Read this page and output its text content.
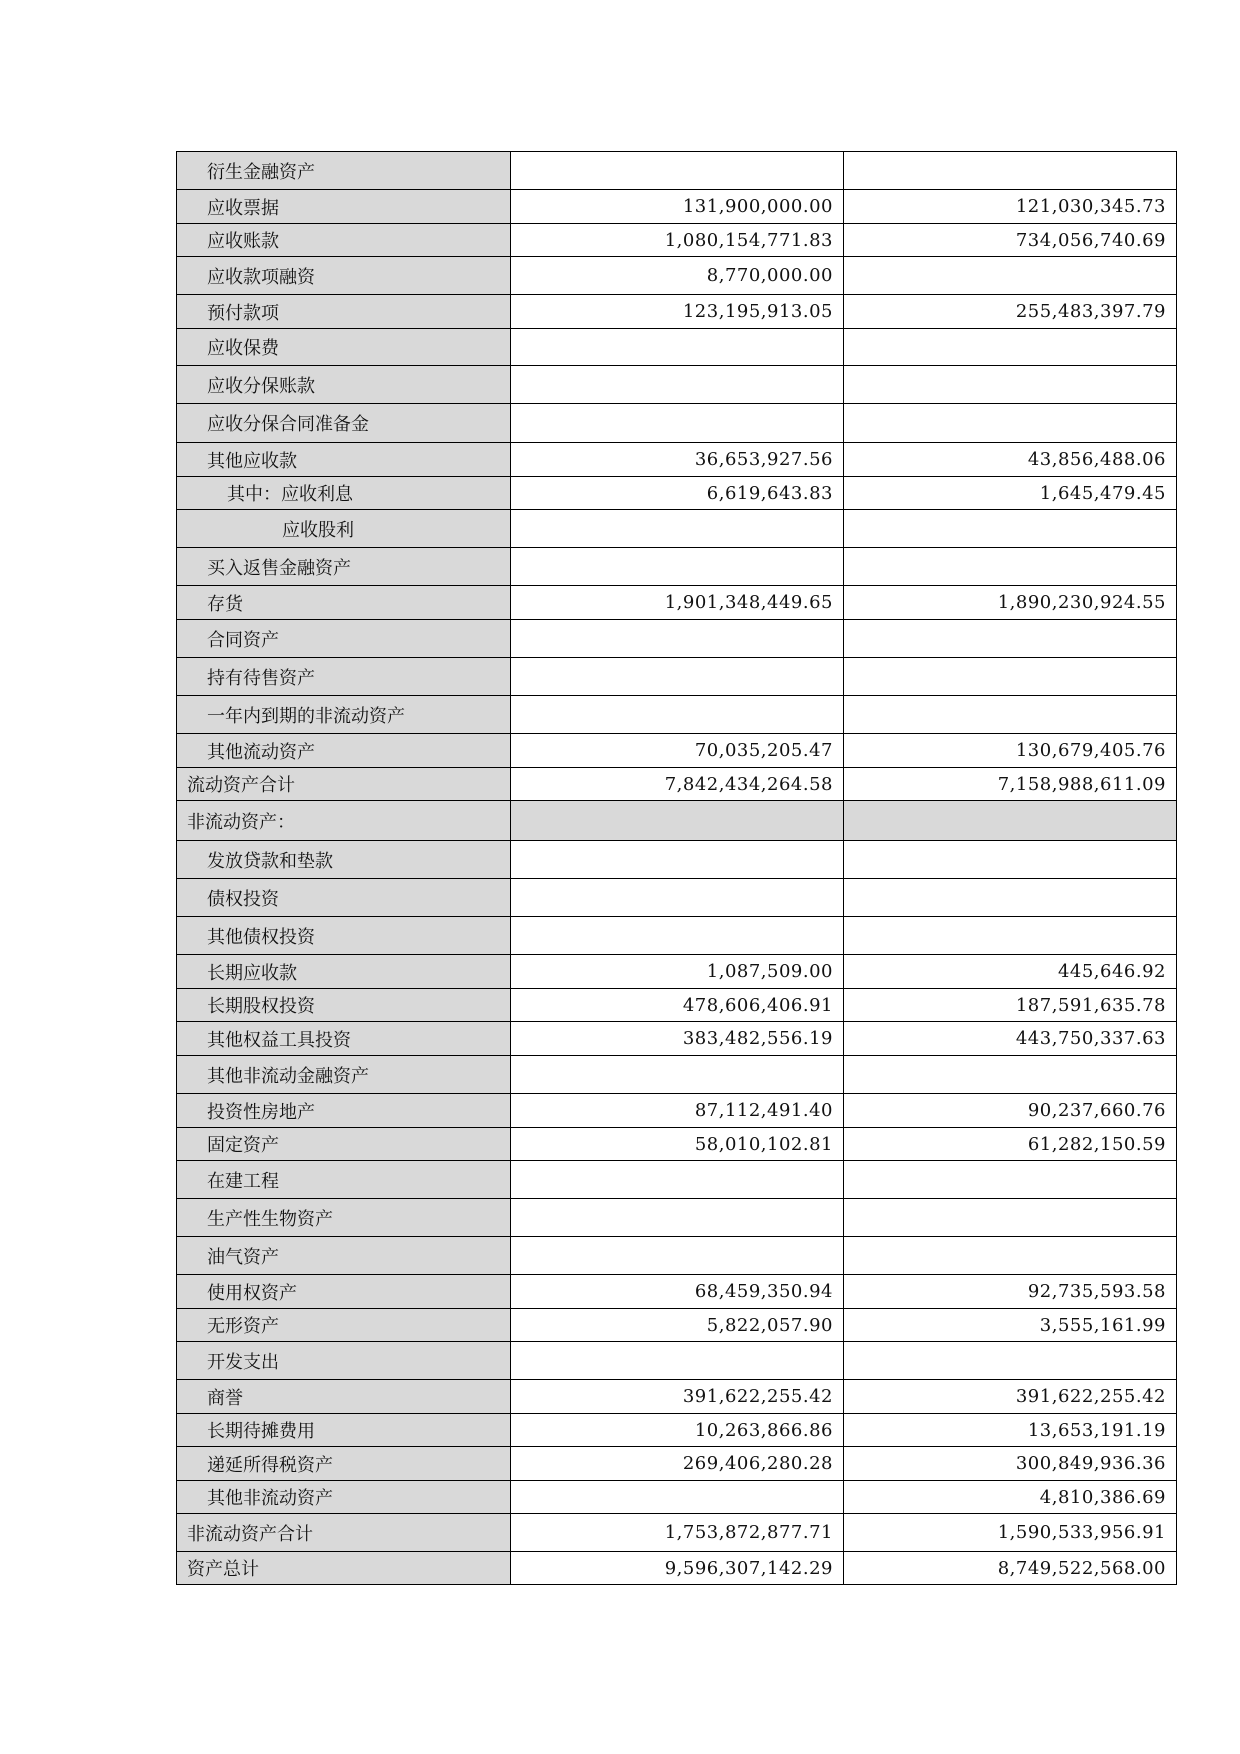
衍生金融资产		
应收票据	131,900,000.00	121,030,345.73
应收账款	1,080,154,771.83	734,056,740.69
应收款项融资	8,770,000.00	
预付款项	123,195,913.05	255,483,397.79
应收保费		
应收分保账款		
应收分保合同准备金		
其他应收款	36,653,927.56	43,856,488.06
其中：应收利息	6,619,643.83	1,645,479.45
应收股利		
买入返售金融资产		
存货	1,901,348,449.65	1,890,230,924.55
合同资产		
持有待售资产		
一年内到期的非流动资产		
其他流动资产	70,035,205.47	130,679,405.76
流动资产合计	7,842,434,264.58	7,158,988,611.09
非流动资产：		
发放贷款和垫款		
债权投资		
其他债权投资		
长期应收款	1,087,509.00	445,646.92
长期股权投资	478,606,406.91	187,591,635.78
其他权益工具投资	383,482,556.19	443,750,337.63
其他非流动金融资产		
投资性房地产	87,112,491.40	90,237,660.76
固定资产	58,010,102.81	61,282,150.59
在建工程		
生产性生物资产		
油气资产		
使用权资产	68,459,350.94	92,735,593.58
无形资产	5,822,057.90	3,555,161.99
开发支出		
商誉	391,622,255.42	391,622,255.42
长期待摊费用	10,263,866.86	13,653,191.19
递延所得税资产	269,406,280.28	300,849,936.36
其他非流动资产		4,810,386.69
非流动资产合计	1,753,872,877.71	1,590,533,956.91
资产总计	9,596,307,142.29	8,749,522,568.00
